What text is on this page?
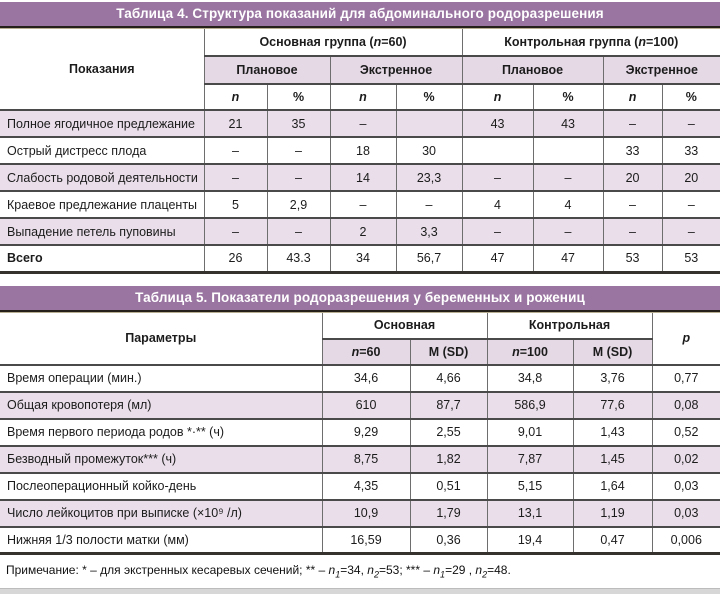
Таблица 4. Структура показаний для абдоминального родоразрешения
Показания	Основная группа (n=60)				Контрольная группа (n=100)			
	Плановое		Экстренное		Плановое		Экстренное	
	n	%	n	%	n	%	n	%
Полное ягодичное предлежание	21	35	–		43	43	–	–
Острый дистресс плода	–	–	18	30			33	33
Слабость родовой деятельности	–	–	14	23,3	–	–	20	20
Краевое предлежание плаценты	5	2,9	–	–	4	4	–	–
Выпадение петель пуповины	–	–	2	3,3	–	–	–	–
Всего	26	43.3	34	56,7	47	47	53	53
Таблица 5. Показатели родоразрешения у беременных и рожениц
Параметры	Основная		Контрольная		p
	n=60	M (SD)	n=100	M (SD)	
Время операции (мин.)	34,6	4,66	34,8	3,76	0,77
Общая кровопотеря (мл)	610	87,7	586,9	77,6	0,08
Время первого периода родов *·** (ч)	9,29	2,55	9,01	1,43	0,52
Безводный промежуток*** (ч)	8,75	1,82	7,87	1,45	0,02
Послеоперационный койко-день	4,35	0,51	5,15	1,64	0,03
Число лейкоцитов при выписке (×10⁹ /л)	10,9	1,79	13,1	1,19	0,03
Нижняя 1/3 полости матки (мм)	16,59	0,36	19,4	0,47	0,006
Примечание: * – для экстренных кесаревых сечений; ** – $n_1=34$, $n_2=53$; *** – $n_1=29$ , $n_2=48$.
